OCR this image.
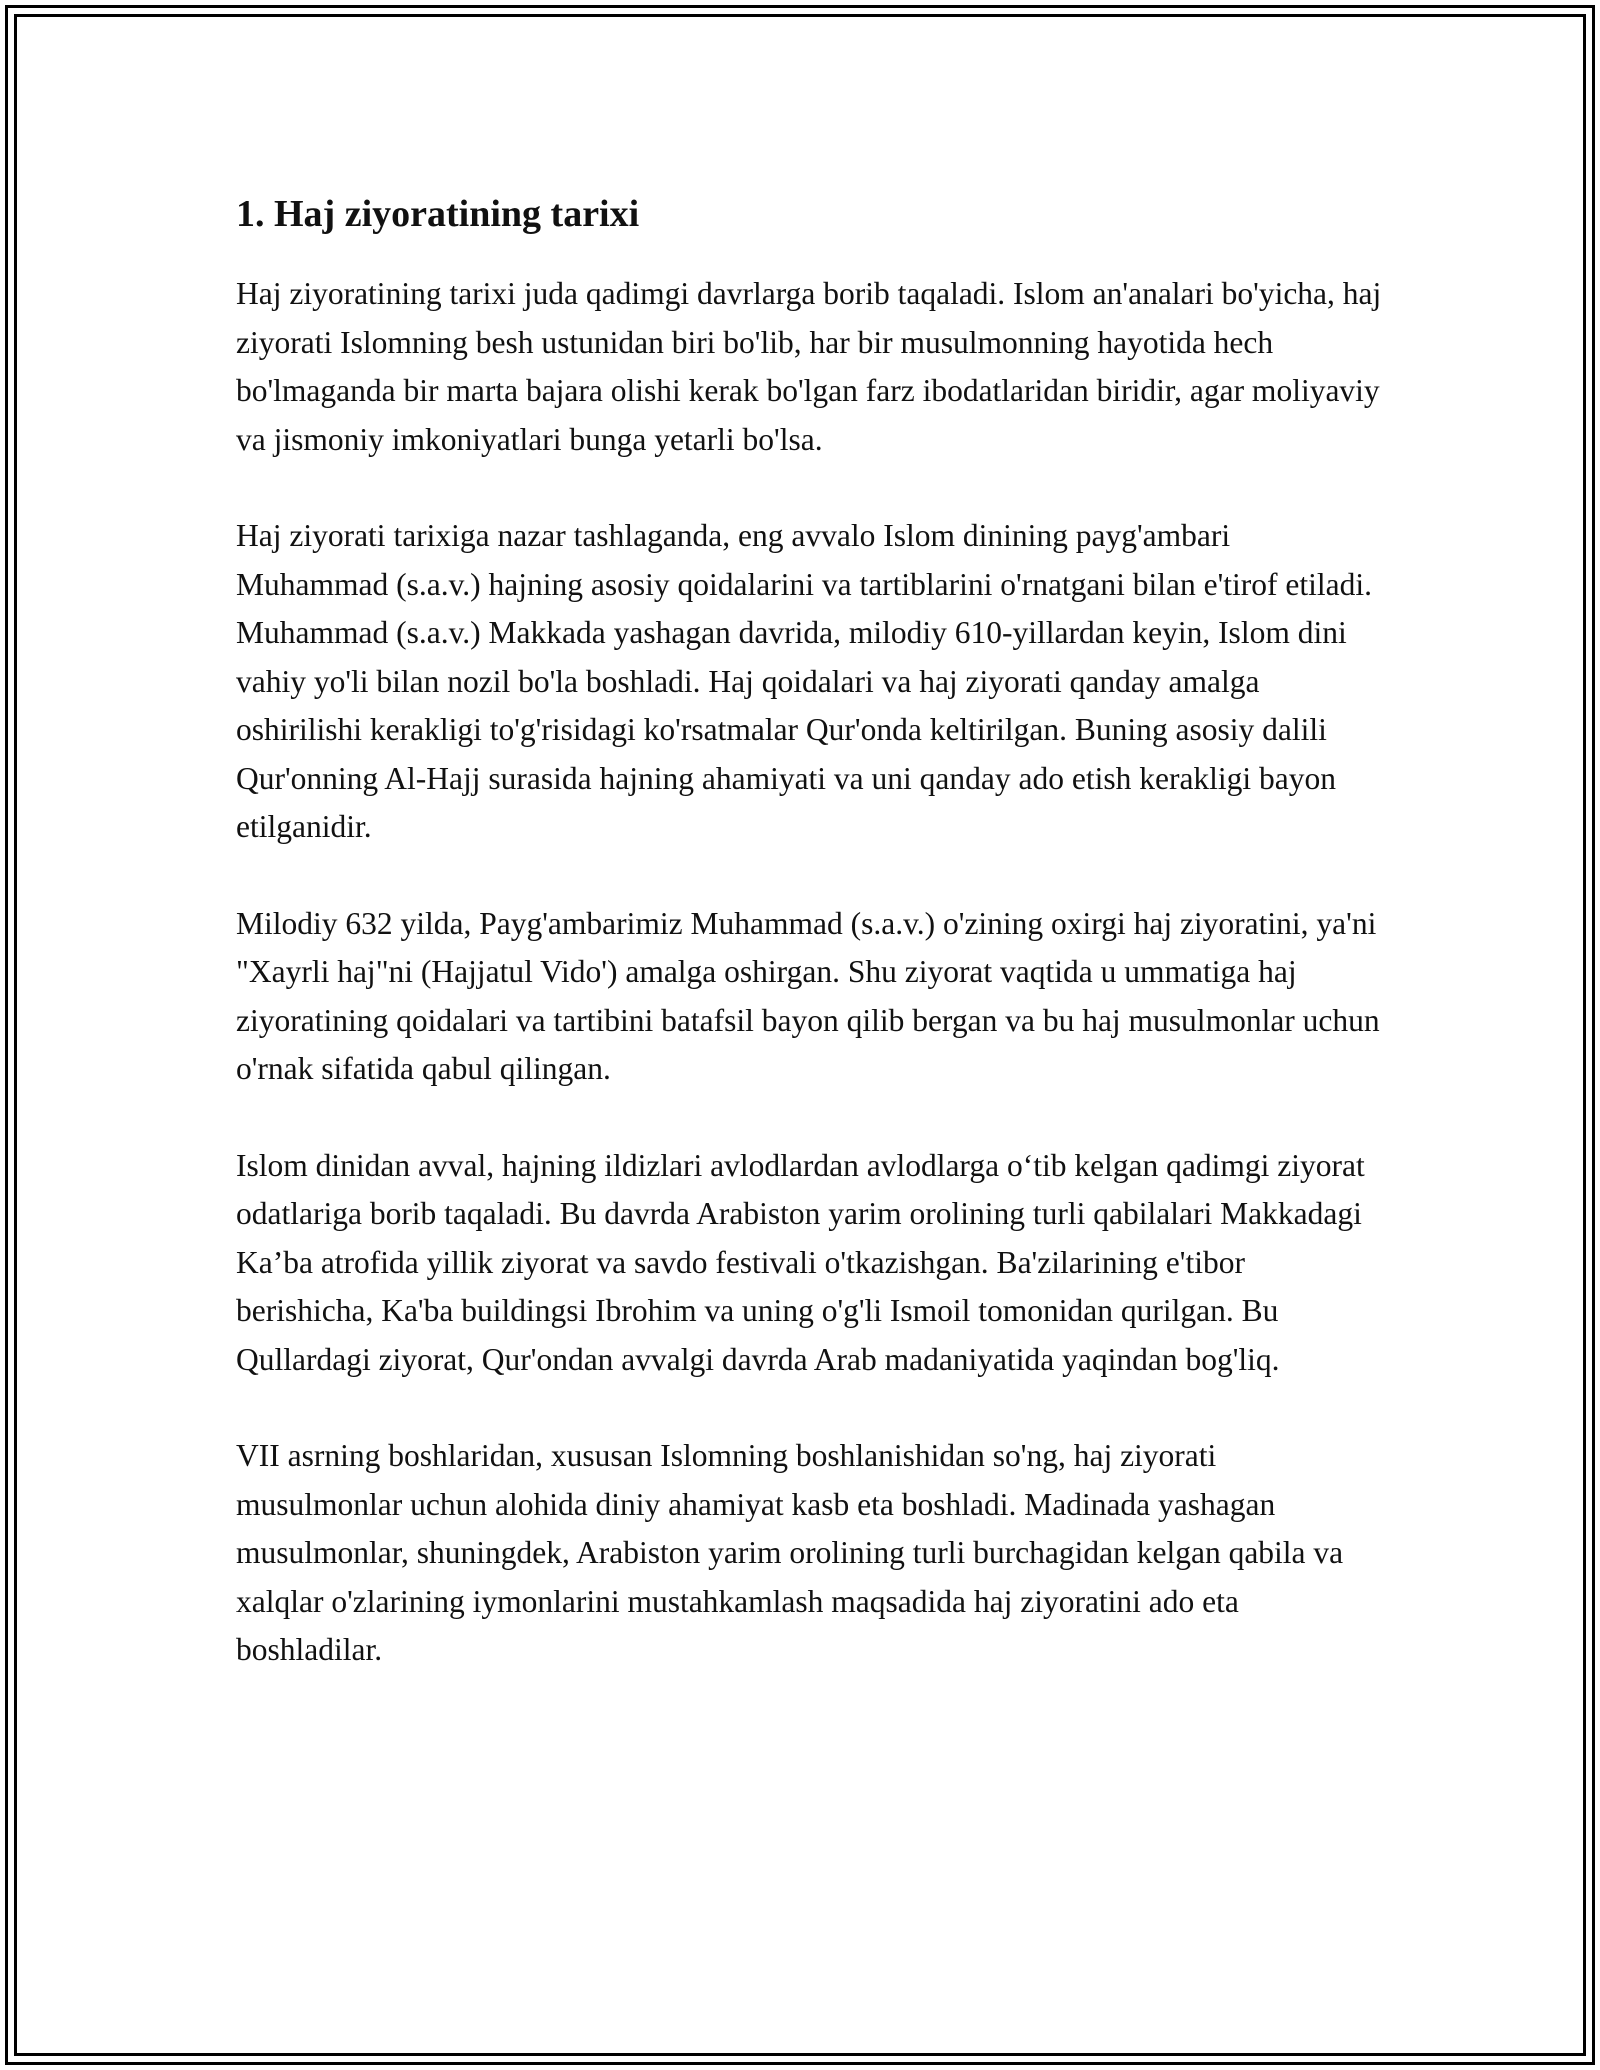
1. Haj ziyoratining tarixi

Haj ziyoratining tarixi juda qadimgi davrlarga borib taqaladi. Islom an'analari bo'yicha, haj ziyorati Islomning besh ustunidan biri bo'lib, har bir musulmonning hayotida hech bo'lmaganda bir marta bajara olishi kerak bo'lgan farz ibodatlaridan biridir, agar moliyaviy va jismoniy imkoniyatlari bunga yetarli bo'lsa.

Haj ziyorati tarixiga nazar tashlaganda, eng avvalo Islom dinining payg'ambari Muhammad (s.a.v.) hajning asosiy qoidalarini va tartiblarini o'rnatgani bilan e'tirof etiladi. Muhammad (s.a.v.) Makkada yashagan davrida, milodiy 610-yillardan keyin, Islom dini vahiy yo'li bilan nozil bo'la boshladi. Haj qoidalari va haj ziyorati qanday amalga oshirilishi kerakligi to'g'risidagi ko'rsatmalar Qur'onda keltirilgan. Buning asosiy dalili Qur'onning Al-Hajj surasida hajning ahamiyati va uni qanday ado etish kerakligi bayon etilganidir.

Milodiy 632 yilda, Payg'ambarimiz Muhammad (s.a.v.) o'zining oxirgi haj ziyoratini, ya'ni "Xayrli haj"ni (Hajjatul Vido') amalga oshirgan. Shu ziyorat vaqtida u ummatiga haj ziyoratining qoidalari va tartibini batafsil bayon qilib bergan va bu haj musulmonlar uchun o'rnak sifatida qabul qilingan.

Islom dinidan avval, hajning ildizlari avlodlardan avlodlarga o‘tib kelgan qadimgi ziyorat odatlariga borib taqaladi. Bu davrda Arabiston yarim orolining turli qabilalari Makkadagi Ka’ba atrofida yillik ziyorat va savdo festivali o'tkazishgan. Ba'zilarining e'tibor berishicha, Ka'ba buildingsi Ibrohim va uning o'g'li Ismoil tomonidan qurilgan. Bu Qullardagi ziyorat, Qur'ondan avvalgi davrda Arab madaniyatida yaqindan bog'liq.

VII asrning boshlaridan, xususan Islomning boshlanishidan so'ng, haj ziyorati musulmonlar uchun alohida diniy ahamiyat kasb eta boshladi. Madinada yashagan musulmonlar, shuningdek, Arabiston yarim orolining turli burchagidan kelgan qabila va xalqlar o'zlarining iymonlarini mustahkamlash maqsadida haj ziyoratini ado eta boshladilar.
